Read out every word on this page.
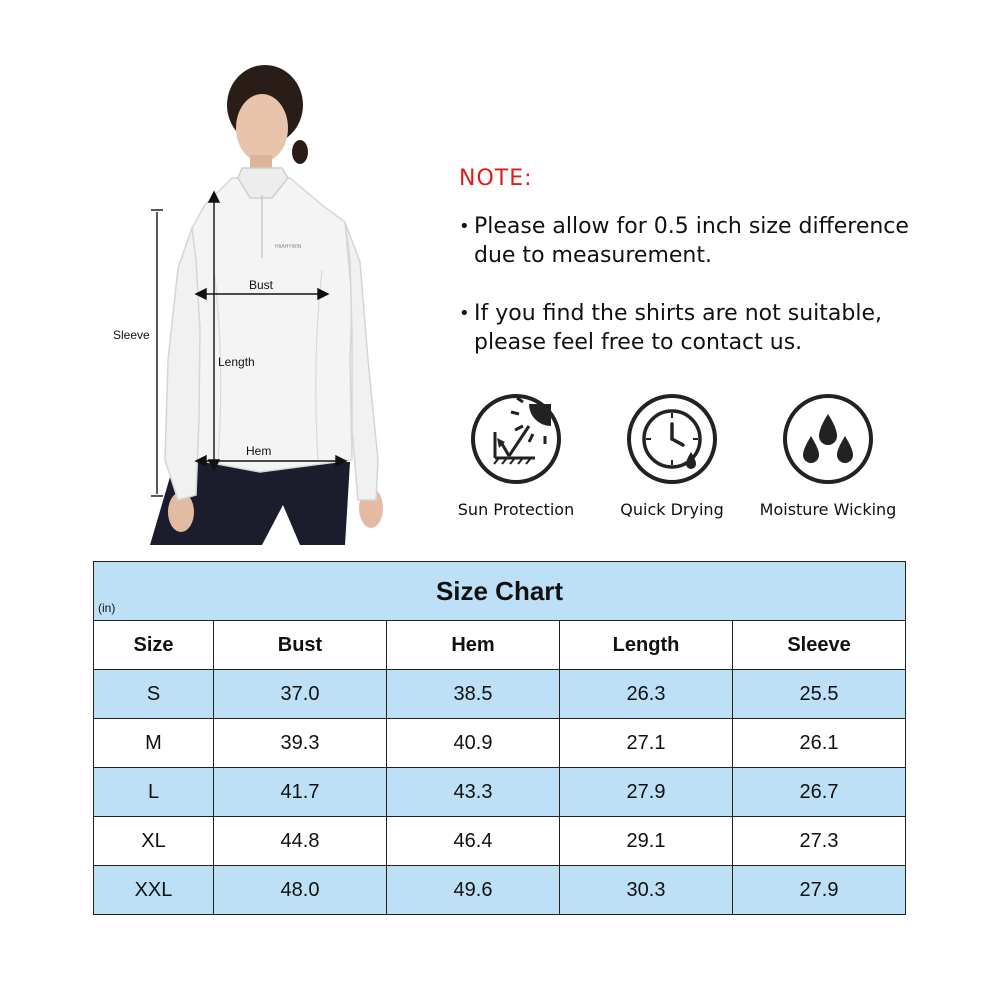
HIIAHYWIN
Bust
Sleeve
Length
Hem
NOTE:
• Please allow for 0.5 inch size difference due to measurement.
• If you find the shirts are not suitable, please feel free to contact us.
Sun Protection	Quick Drying	Moisture Wicking
Size Chart
(in)				

Size	Bust	Hem	Length	Sleeve
S	37.0	38.5	26.3	25.5
M	39.3	40.9	27.1	26.1
L	41.7	43.3	27.9	26.7
XL	44.8	46.4	29.1	27.3
XXL	48.0	49.6	30.3	27.9
